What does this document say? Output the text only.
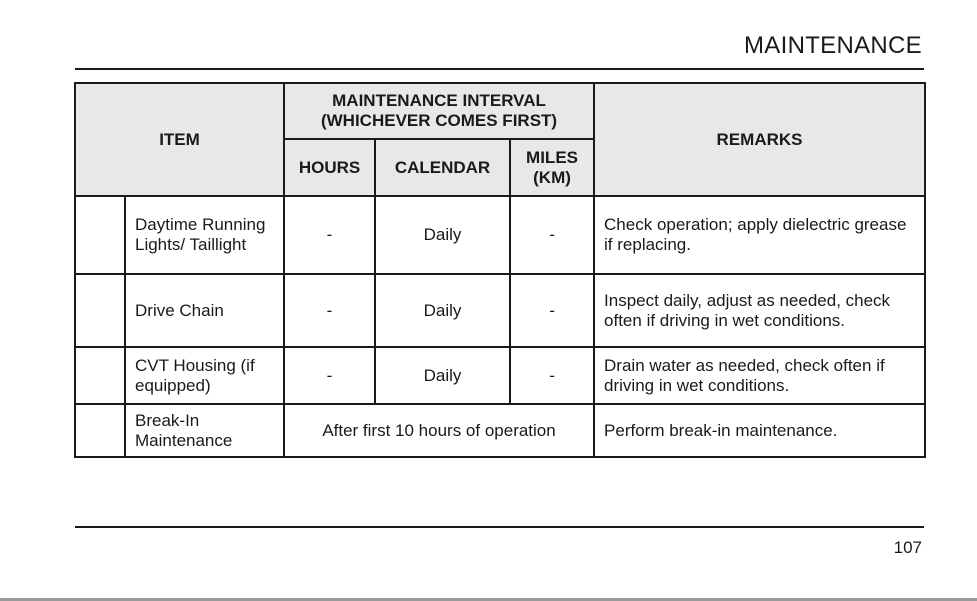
MAINTENANCE
ITEM		MAINTENANCE INTERVAL (WHICHEVER COMES FIRST)			REMARKS
		HOURS	CALENDAR	MILES (KM)	
	Daytime Running Lights/ Taillight	-	Daily	-	Check operation; apply dielectric grease if replacing.
	Drive Chain	-	Daily	-	Inspect daily, adjust as needed, check often if driving in wet conditions.
	CVT Housing (if equipped)	-	Daily	-	Drain water as needed, check often if driving in wet conditions.
	Break-In Maintenance	After first 10 hours of operation			Perform break-in maintenance.
107
